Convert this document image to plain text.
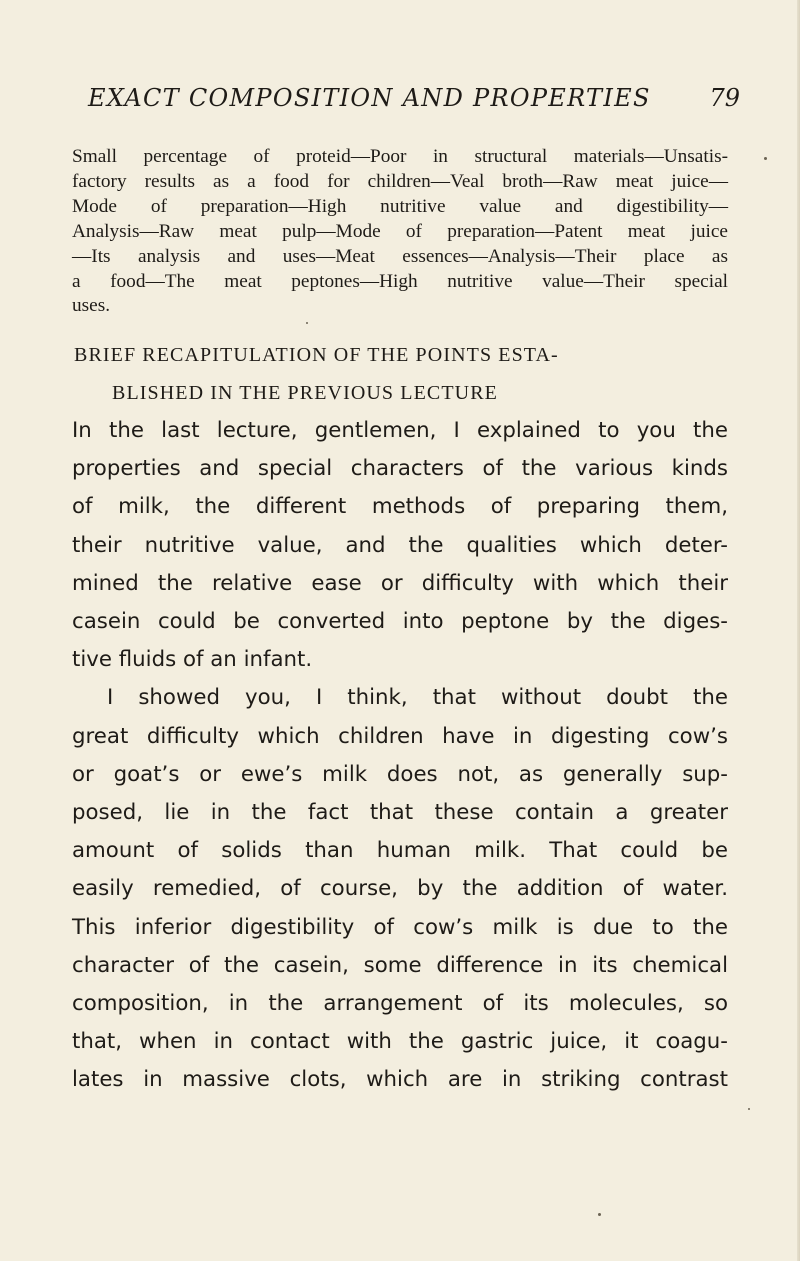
EXACT COMPOSITION AND PROPERTIES 79
Small percentage of proteid—Poor in structural materials—Unsatis-
factory results as a food for children—Veal broth—Raw meat juice—
Mode of preparation—High nutritive value and digestibility—
Analysis—Raw meat pulp—Mode of preparation—Patent meat juice
—Its analysis and uses—Meat essences—Analysis—Their place as
a food—The meat peptones—High nutritive value—Their special
uses.
BRIEF RECAPITULATION OF THE POINTS ESTA-
BLISHED IN THE PREVIOUS LECTURE
In the last lecture, gentlemen, I explained to you the
properties and special characters of the various kinds
of milk, the different methods of preparing them,
their nutritive value, and the qualities which deter-
mined the relative ease or difficulty with which their
casein could be converted into peptone by the diges-
tive fluids of an infant.
I showed you, I think, that without doubt the
great difficulty which children have in digesting cow’s
or goat’s or ewe’s milk does not, as generally sup-
posed, lie in the fact that these contain a greater
amount of solids than human milk. That could be
easily remedied, of course, by the addition of water.
This inferior digestibility of cow’s milk is due to the
character of the casein, some difference in its chemical
composition, in the arrangement of its molecules, so
that, when in contact with the gastric juice, it coagu-
lates in massive clots, which are in striking contrast
